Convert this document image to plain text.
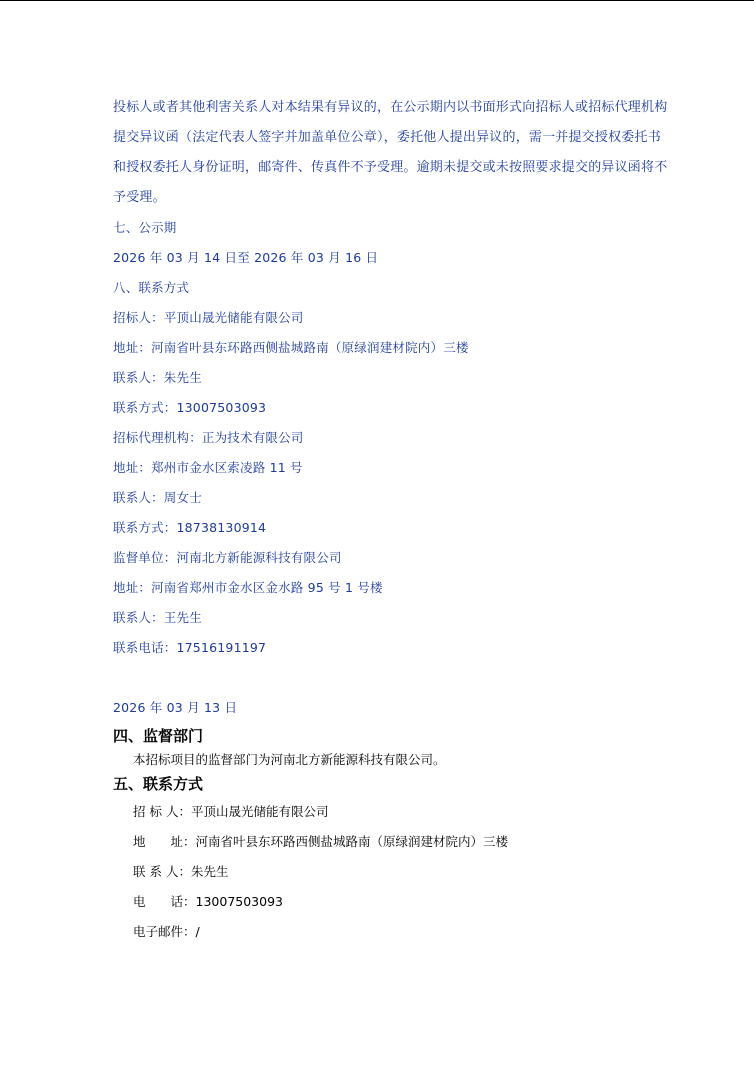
投标人或者其他利害关系人对本结果有异议的，在公示期内以书面形式向招标人或招标代理机构提交异议函（法定代表人签字并加盖单位公章），委托他人提出异议的，需一并提交授权委托书和授权委托人身份证明，邮寄件、传真件不予受理。逾期未提交或未按照要求提交的异议函将不予受理。

七、公示期
2026 年 03 月 14 日至 2026 年 03 月 16 日
八、联系方式
招标人：平顶山晟光储能有限公司
地址：河南省叶县东环路西侧盐城路南（原绿润建材院内）三楼
联系人：朱先生
联系方式：13007503093
招标代理机构：正为技术有限公司
地址：郑州市金水区索凌路 11 号
联系人：周女士
联系方式：18738130914
监督单位：河南北方新能源科技有限公司
地址：河南省郑州市金水区金水路 95 号 1 号楼
联系人：王先生
联系电话：17516191197
2026 年 03 月 13 日
四、监督部门
本招标项目的监督部门为河南北方新能源科技有限公司。
五、联系方式
招 标 人：平顶山晟光储能有限公司
地　　址：河南省叶县东环路西侧盐城路南（原绿润建材院内）三楼
联 系 人：朱先生
电　　话：13007503093
电子邮件：/
